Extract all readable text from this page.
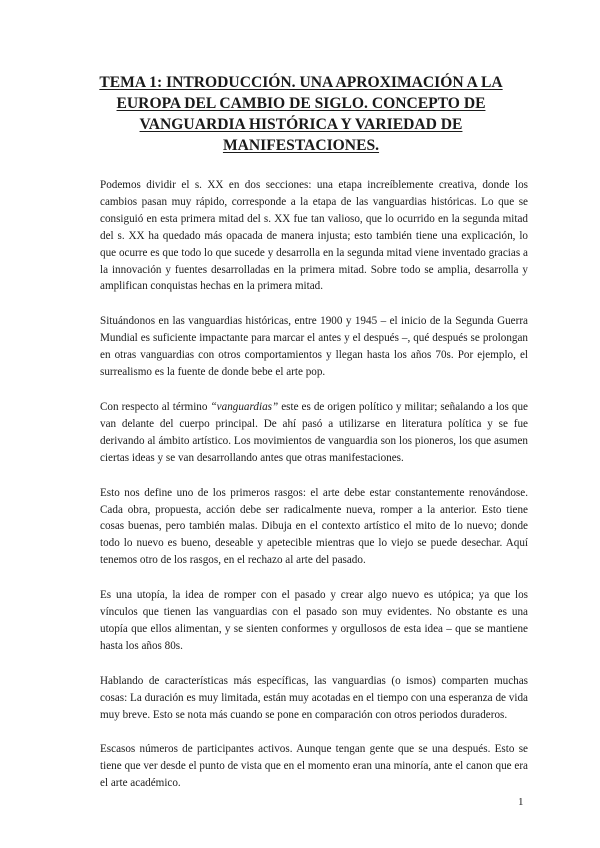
TEMA 1: INTRODUCCIÓN. UNA APROXIMACIÓN A LA EUROPA DEL CAMBIO DE SIGLO. CONCEPTO DE VANGUARDIA HISTÓRICA Y VARIEDAD DE MANIFESTACIONES.

Podemos dividir el s. XX en dos secciones: una etapa increíblemente creativa, donde los cambios pasan muy rápido, corresponde a la etapa de las vanguardias históricas. Lo que se consiguió en esta primera mitad del s. XX fue tan valioso, que lo ocurrido en la segunda mitad del s. XX ha quedado más opacada de manera injusta; esto también tiene una explicación, lo que ocurre es que todo lo que sucede y desarrolla en la segunda mitad viene inventado gracias a la innovación y fuentes desarrolladas en la primera mitad. Sobre todo se amplia, desarrolla y amplifican conquistas hechas en la primera mitad.

Situándonos en las vanguardias históricas, entre 1900 y 1945 – el inicio de la Segunda Guerra Mundial es suficiente impactante para marcar el antes y el después –, qué después se prolongan en otras vanguardias con otros comportamientos y llegan hasta los años 70s. Por ejemplo, el surrealismo es la fuente de donde bebe el arte pop.

Con respecto al término “vanguardias” este es de origen político y militar; señalando a los que van delante del cuerpo principal. De ahí pasó a utilizarse en literatura política y se fue derivando al ámbito artístico. Los movimientos de vanguardia son los pioneros, los que asumen ciertas ideas y se van desarrollando antes que otras manifestaciones.

Esto nos define uno de los primeros rasgos: el arte debe estar constantemente renovándose. Cada obra, propuesta, acción debe ser radicalmente nueva, romper a la anterior. Esto tiene cosas buenas, pero también malas. Dibuja en el contexto artístico el mito de lo nuevo; donde todo lo nuevo es bueno, deseable y apetecible mientras que lo viejo se puede desechar. Aquí tenemos otro de los rasgos, en el rechazo al arte del pasado.

Es una utopía, la idea de romper con el pasado y crear algo nuevo es utópica; ya que los vínculos que tienen las vanguardias con el pasado son muy evidentes. No obstante es una utopía que ellos alimentan, y se sienten conformes y orgullosos de esta idea – que se mantiene hasta los años 80s.

Hablando de características más específicas, las vanguardias (o ismos) comparten muchas cosas: La duración es muy limitada, están muy acotadas en el tiempo con una esperanza de vida muy breve. Esto se nota más cuando se pone en comparación con otros periodos duraderos.

Escasos números de participantes activos. Aunque tengan gente que se una después. Esto se tiene que ver desde el punto de vista que en el momento eran una minoría, ante el canon que era el arte académico.

1
